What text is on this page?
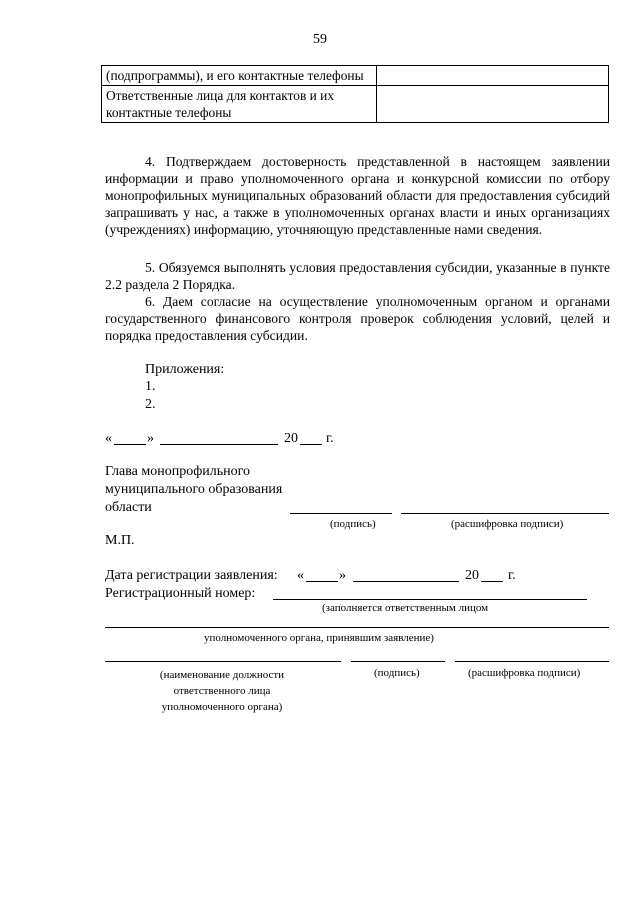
59
(подпрограммы), и его контактные телефоны	
Ответственные лица для контактов и их контактные телефоны	
4. Подтверждаем достоверность представленной в настоящем заявлении информации и право уполномоченного органа и конкурсной комиссии по отбору монопрофильных муниципальных образований области для предоставления субсидий запрашивать у нас, а также в уполномоченных органах власти и иных организациях (учреждениях) информацию, уточняющую представленные нами сведения.
5. Обязуемся выполнять условия предоставления субсидии, указанные в пункте 2.2 раздела 2 Порядка.
6. Даем согласие на осуществление уполномоченным органом и органами государственного финансового контроля проверок соблюдения условий, целей и порядка предоставления субсидии.
Приложения:
1.
2.
«	»	20 г.
Глава монопрофильного
муниципального образования
области
(подпись)	(расшифровка подписи)
М.П.
Дата регистрации заявления: «	»	20 г.
Регистрационный номер:
(заполняется ответственным лицом
уполномоченного органа, принявшим заявление)
(наименование должности ответственного лица уполномоченного органа)
(подпись)	(расшифровка подписи)
